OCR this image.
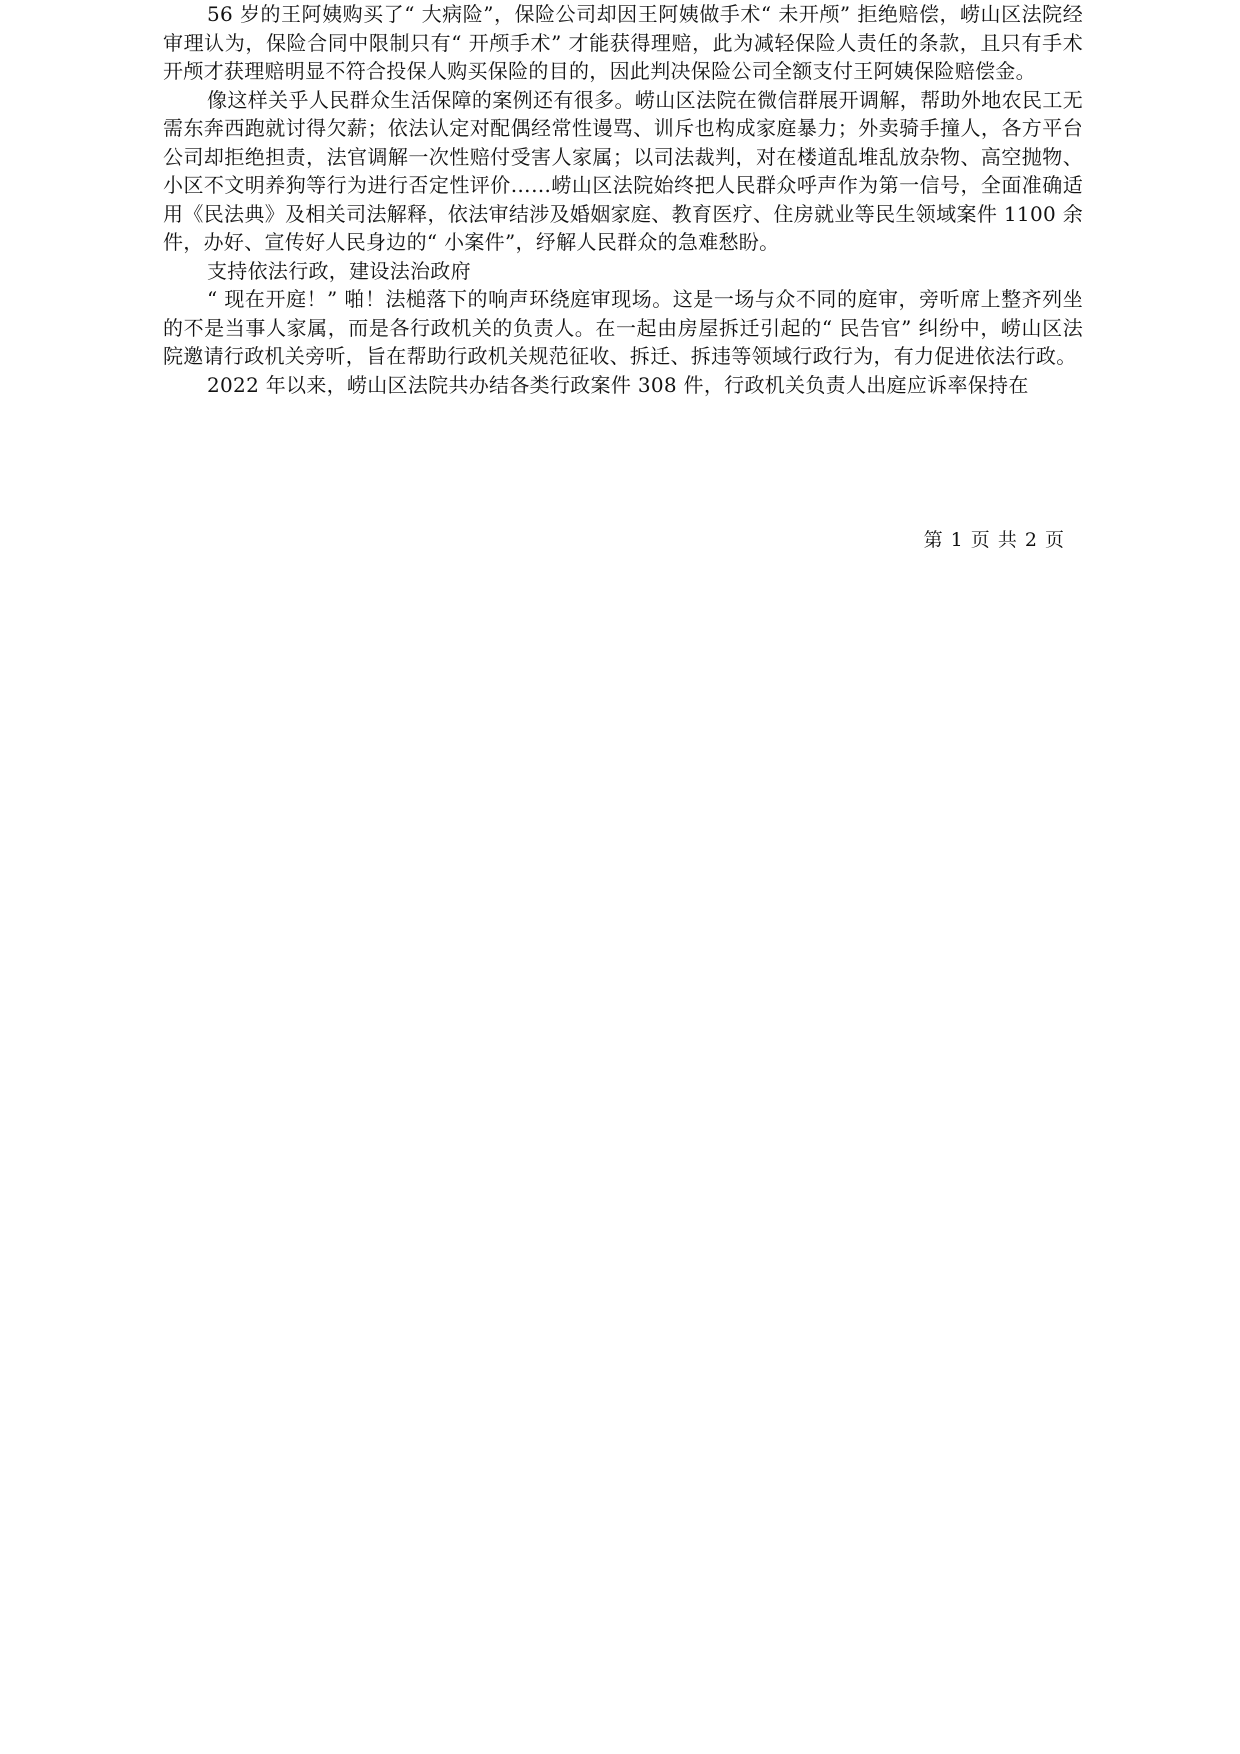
56 岁的王阿姨购买了“ 大病险”，保险公司却因王阿姨做手术“ 未开颅” 拒绝赔偿，崂山区法院经审理认为，保险合同中限制只有“ 开颅手术” 才能获得理赔，此为减轻保险人责任的条款，且只有手术开颅才获理赔明显不符合投保人购买保险的目的，因此判决保险公司全额支付王阿姨保险赔偿金。

像这样关乎人民群众生活保障的案例还有很多。崂山区法院在微信群展开调解，帮助外地农民工无需东奔西跑就讨得欠薪；依法认定对配偶经常性谩骂、训斥也构成家庭暴力；外卖骑手撞人，各方平台公司却拒绝担责，法官调解一次性赔付受害人家属；以司法裁判，对在楼道乱堆乱放杂物、高空抛物、小区不文明养狗等行为进行否定性评价……崂山区法院始终把人民群众呼声作为第一信号，全面准确适用《民法典》及相关司法解释，依法审结涉及婚姻家庭、教育医疗、住房就业等民生领域案件 1100 余件，办好、宣传好人民身边的“ 小案件”，纾解人民群众的急难愁盼。

支持依法行政，建设法治政府

“ 现在开庭！” 啪！法槌落下的响声环绕庭审现场。这是一场与众不同的庭审，旁听席上整齐列坐的不是当事人家属，而是各行政机关的负责人。在一起由房屋拆迁引起的“ 民告官” 纠纷中，崂山区法院邀请行政机关旁听，旨在帮助行政机关规范征收、拆迁、拆违等领域行政行为，有力促进依法行政。

2022 年以来，崂山区法院共办结各类行政案件 308 件，行政机关负责人出庭应诉率保持在

第 1 页 共 2 页
